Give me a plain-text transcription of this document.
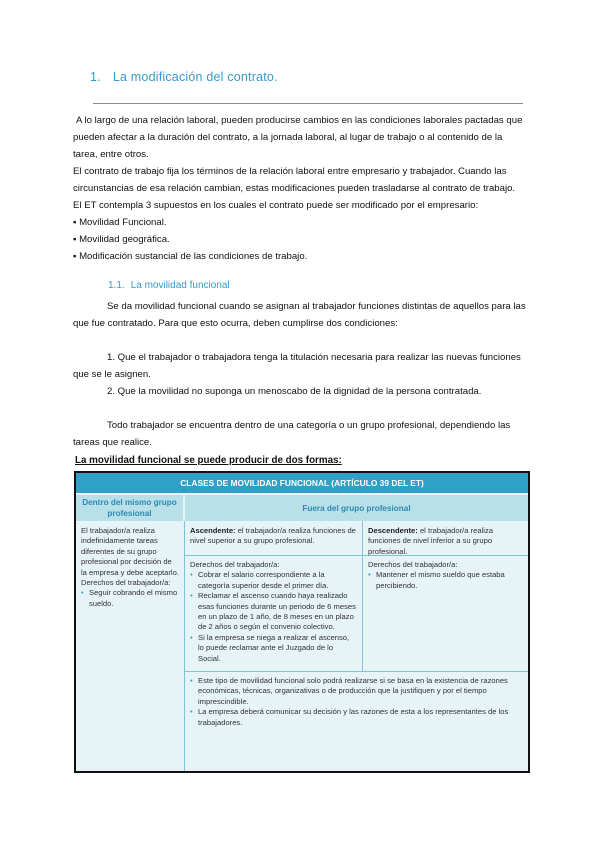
1. La modificación del contrato.

A lo largo de una relación laboral, pueden producirse cambios en las condiciones laborales pactadas que pueden afectar a la duración del contrato, a la jornada laboral, al lugar de trabajo o al contenido de la tarea, entre otros.

El contrato de trabajo fija los términos de la relación laboral entre empresario y trabajador. Cuando las circunstancias de esa relación cambian, estas modificaciones pueden trasladarse al contrato de trabajo.

El ET contempla 3 supuestos en los cuales el contrato puede ser modificado por el empresario:

▪ Movilidad Funcional.

▪ Movilidad geográfica.

▪ Modificación sustancial de las condiciones de trabajo.

1.1. La movilidad funcional

Se da movilidad funcional cuando se asignan al trabajador funciones distintas de aquellos para las que fue contratado. Para que esto ocurra, deben cumplirse dos condiciones:

1. Que el trabajador o trabajadora tenga la titulación necesaria para realizar las nuevas funciones que se le asignen.

2. Que la movilidad no suponga un menoscabo de la dignidad de la persona contratada.

Todo trabajador se encuentra dentro de una categoría o un grupo profesional, dependiendo las tareas que realice.

La movilidad funcional se puede producir de dos formas:
CLASES DE MOVILIDAD FUNCIONAL (ARTÍCULO 39 DEL ET)
Dentro del mismo grupo profesional
Fuera del grupo profesional
El trabajador/a realiza indefinidamente tareas diferentes de su grupo profesional por decisión de la empresa y debe aceptarlo.
Derechos del trabajador/a:
• Seguir cobrando el mismo sueldo.
Ascendente: el trabajador/a realiza funciones de nivel superior a su grupo profesional.
Descendente: el trabajador/a realiza funciones de nivel inferior a su grupo profesional.
Derechos del trabajador/a:
• Cobrar el salario correspondiente a la categoría superior desde el primer día.
• Reclamar el ascenso cuando haya realizado esas funciones durante un periodo de 6 meses en un plazo de 1 año, de 8 meses en un plazo de 2 años o según el convenio colectivo.
• Si la empresa se niega a realizar el ascenso, lo puede reclamar ante el Juzgado de lo Social.
Derechos del trabajador/a:
• Mantener el mismo sueldo que estaba percibiendo.
• Este tipo de movilidad funcional solo podrá realizarse si se basa en la existencia de razones económicas, técnicas, organizativas o de producción que la justifiquen y por el tiempo imprescindible.
• La empresa deberá comunicar su decisión y las razones de esta a los representantes de los trabajadores.
